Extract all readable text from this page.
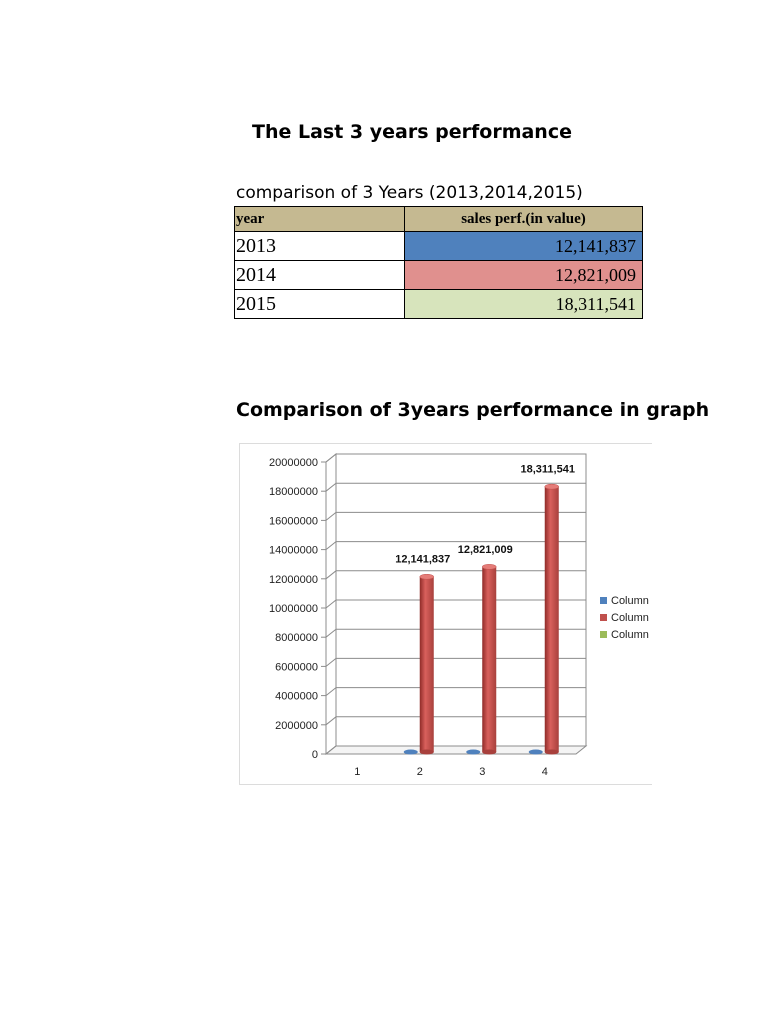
The Last 3 years performance
comparison of 3 Years (2013,2014,2015)
year	sales perf.(in value)
2013	12,141,837
2014	12,821,009
2015	18,311,541
Comparison of 3years performance in graph
0
2000000
4000000
6000000
8000000
10000000
12000000
14000000
16000000
18000000
20000000
1	2	3	4
12,141,837
12,821,009
18,311,541
Column
Column
Column
